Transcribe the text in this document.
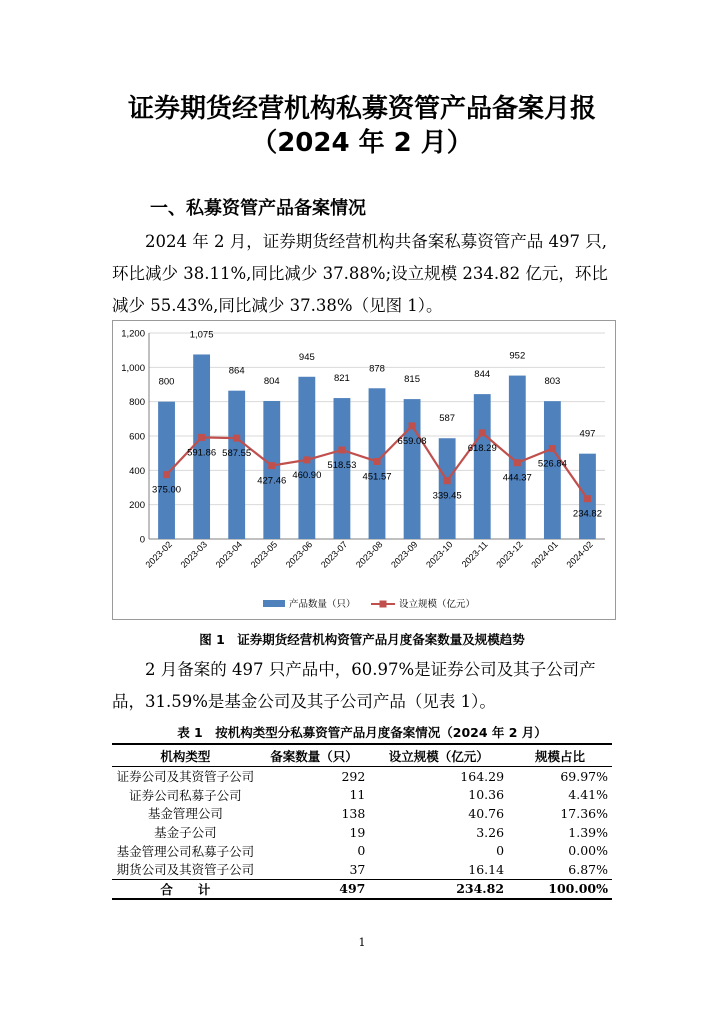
证券期货经营机构私募资管产品备案月报
（2024 年 2 月）
一、私募资管产品备案情况
2024 年 2 月，证券期货经营机构共备案私募资管产品 497 只,环比减少 38.11%,同比减少 37.88%;设立规模 234.82 亿元，环比减少 55.43%,同比减少 37.38%（见图 1）。
0
200
400
600
800
1,000
1,200
800
1,075
864
804
945
821
878
815
587
844
952
803
497
2023-02 2023-03 2023-04 2023-05 2023-06 2023-07 2023-08 2023-09 2023-10 2023-11 2023-12 2024-01 2024-02
375.00
591.86 587.55
427.46
460.90
518.53
451.57
659.08
339.45
618.29
444.37
526.84
234.82
产品数量（只）	设立规模（亿元）
图 1　证券期货经营机构资管产品月度备案数量及规模趋势
2 月备案的 497 只产品中，60.97%是证券公司及其子公司产品，31.59%是基金公司及其子公司产品（见表 1）。
表 1　按机构类型分私募资管产品月度备案情况（2024 年 2 月）
机构类型	备案数量（只）	设立规模（亿元）	规模占比
证券公司及其资管子公司	292	164.29	69.97%
证券公司私募子公司	11	10.36	4.41%
基金管理公司	138	40.76	17.36%
基金子公司	19	3.26	1.39%
基金管理公司私募子公司	0	0	0.00%
期货公司及其资管子公司	37	16.14	6.87%
合　　计	497	234.82	100.00%
1
